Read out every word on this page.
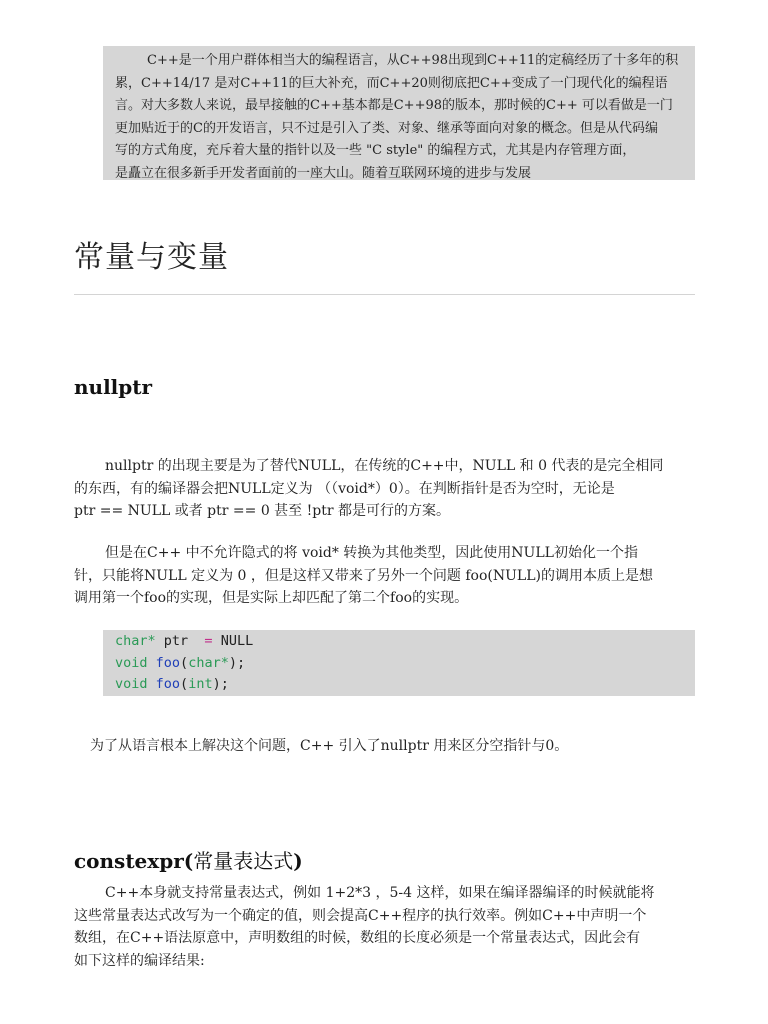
C++是一个用户群体相当大的编程语言，从C++98出现到C++11的定稿经历了十多年的积
累，C++14/17 是对C++11的巨大补充，而C++20则彻底把C++变成了一门现代化的编程语
言。对大多数人来说，最早接触的C++基本都是C++98的版本，那时候的C++ 可以看做是一门
更加贴近于的C的开发语言，只不过是引入了类、对象、继承等面向对象的概念。但是从代码编
写的方式角度，充斥着大量的指针以及一些 "C style" 的编程方式，尤其是内存管理方面，
是矗立在很多新手开发者面前的一座大山。随着互联网环境的进步与发展

常量与变量
nullptr

nullptr 的出现主要是为了替代NULL，在传统的C++中，NULL 和 0 代表的是完全相同
的东西，有的编译器会把NULL定义为 （（void*）0）。在判断指针是否为空时，无论是
ptr == NULL 或者 ptr == 0 甚至 !ptr 都是可行的方案。

但是在C++ 中不允许隐式的将 void* 转换为其他类型，因此使用NULL初始化一个指
针，只能将NULL 定义为 0 ，但是这样又带来了另外一个问题 foo(NULL)的调用本质上是想
调用第一个foo的实现，但是实际上却匹配了第二个foo的实现。

char* ptr  = NULL
void foo(char*);
void foo(int);

为了从语言根本上解决这个问题，C++ 引入了nullptr 用来区分空指针与0。

constexpr(常量表达式)

C++本身就支持常量表达式，例如 1+2*3 ，5-4 这样，如果在编译器编译的时候就能将
这些常量表达式改写为一个确定的值，则会提高C++程序的执行效率。例如C++中声明一个
数组，在C++语法原意中，声明数组的时候，数组的长度必须是一个常量表达式，因此会有
如下这样的编译结果:
